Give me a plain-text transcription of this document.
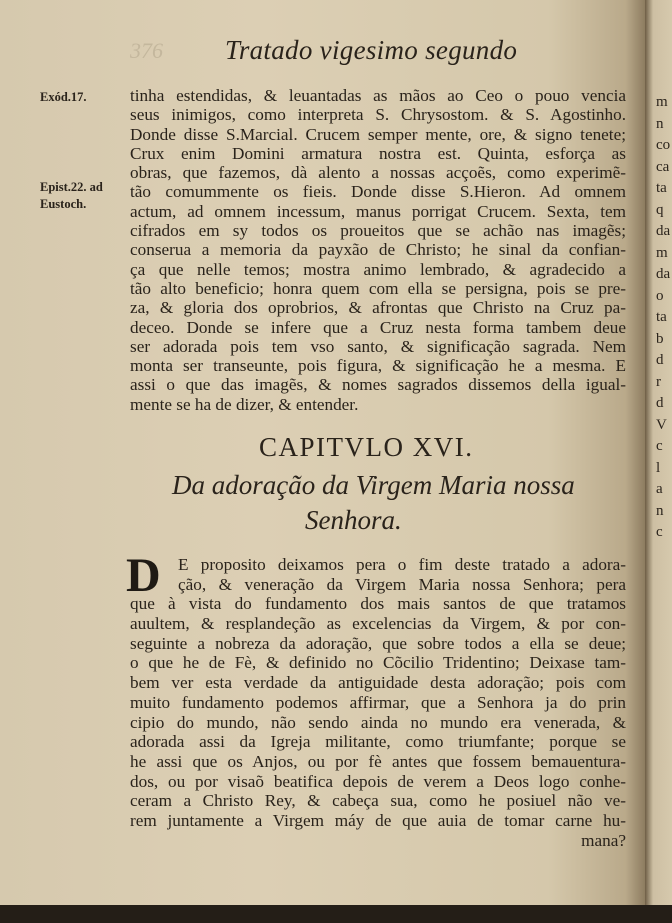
376 Tratado vigesimo segundo
Exód.17.
Epist.22. ad
Eustoch.
tinha estendidas, & leuantadas as mãos ao Ceo o pouo vencia
seus inimigos, como interpreta S. Chrysostom. & S. Agostinho.
Donde disse S.Marcial. Crucem semper mente, ore, & signo tenete;
Crux enim Domini armatura nostra est. Quinta, esforça as
obras, que fazemos, dà alento a nossas acçoẽs, como experimẽ-
tão comummente os fieis. Donde disse S.Hieron. Ad omnem
actum, ad omnem incessum, manus porrigat Crucem. Sexta, tem
cifrados em sy todos os proueitos que se achão nas imagẽs;
conserua a memoria da payxão de Christo; he sinal da confian-
ça que nelle temos; mostra animo lembrado, & agradecido a
tão alto beneficio; honra quem com ella se persigna, pois se pre-
za, & gloria dos oprobrios, & afrontas que Christo na Cruz pa-
deceo. Donde se infere que a Cruz nesta forma tambem deue
ser adorada pois tem vso santo, & significação sagrada. Nem
monta ser transeunte, pois figura, & significação he a mesma. E
assi o que das imagẽs, & nomes sagrados dissemos della igual-
mente se ha de dizer, & entender.
CAPITVLO XVI.
Da adoração da Virgem Maria nossa
Senhora.
D	E proposito deixamos pera o fim deste tratado a adora-
ção, & veneração da Virgem Maria nossa Senhora; pera
que à vista do fundamento dos mais santos de que tratamos
auultem, & resplandeção as excelencias da Virgem, & por con-
seguinte a nobreza da adoração, que sobre todos a ella se deue;
o que he de Fè, & definido no Cõcilio Tridentino; Deixase tam-
bem ver esta verdade da antiguidade desta adoração; pois com
muito fundamento podemos affirmar, que a Senhora ja do prin
cipio do mundo, não sendo ainda no mundo era venerada, &
adorada assi da Igreja militante, como triumfante; porque se
he assi que os Anjos, ou por fè antes que fossem bemauentura-
dos, ou por visaõ beatifica depois de verem a Deos logo conhe-
ceram a Christo Rey, & cabeça sua, como he posiuel não ve-
rem juntamente a Virgem máy de que auia de tomar carne hu-
mana?
m
n
co
ca
ta
q
da
m
da
o
ta
b
d
r
d
V
c
l
a
n
c
